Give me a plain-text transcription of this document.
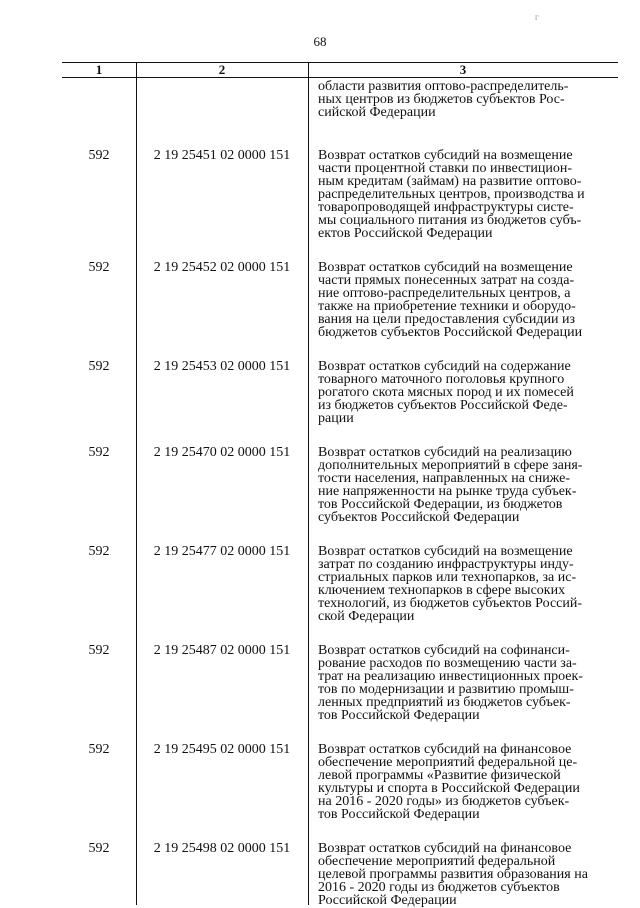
г
68
1	2	3
области развития оптово-распределитель-
ных центров из бюджетов субъектов Рос-
сийской Федерации
592	2 19 25451 02 0000 151	Возврат остатков субсидий на возмещение
части процентной ставки по инвестицион-
ным кредитам (займам) на развитие оптово-
распределительных центров, производства и
товаропроводящей инфраструктуры систе-
мы социального питания из бюджетов субъ-
ектов Российской Федерации
592	2 19 25452 02 0000 151	Возврат остатков субсидий на возмещение
части прямых понесенных затрат на созда-
ние оптово-распределительных центров, а
также на приобретение техники и оборудо-
вания на цели предоставления субсидии из
бюджетов субъектов Российской Федерации
592	2 19 25453 02 0000 151	Возврат остатков субсидий на содержание
товарного маточного поголовья крупного
рогатого скота мясных пород и их помесей
из бюджетов субъектов Российской Феде-
рации
592	2 19 25470 02 0000 151	Возврат остатков субсидий на реализацию
дополнительных мероприятий в сфере заня-
тости населения, направленных на сниже-
ние напряженности на рынке труда субъек-
тов Российской Федерации, из бюджетов
субъектов Российской Федерации
592	2 19 25477 02 0000 151	Возврат остатков субсидий на возмещение
затрат по созданию инфраструктуры инду-
стриальных парков или технопарков, за ис-
ключением технопарков в сфере высоких
технологий, из бюджетов субъектов Россий-
ской Федерации
592	2 19 25487 02 0000 151	Возврат остатков субсидий на софинанси-
рование расходов по возмещению части за-
трат на реализацию инвестиционных проек-
тов по модернизации и развитию промыш-
ленных предприятий из бюджетов субъек-
тов Российской Федерации
592	2 19 25495 02 0000 151	Возврат остатков субсидий на финансовое
обеспечение мероприятий федеральной це-
левой программы «Развитие физической
культуры и спорта в Российской Федерации
на 2016 - 2020 годы» из бюджетов субъек-
тов Российской Федерации
592	2 19 25498 02 0000 151	Возврат остатков субсидий на финансовое
обеспечение мероприятий федеральной
целевой программы развития образования на
2016 - 2020 годы из бюджетов субъектов
Российской Федерации
